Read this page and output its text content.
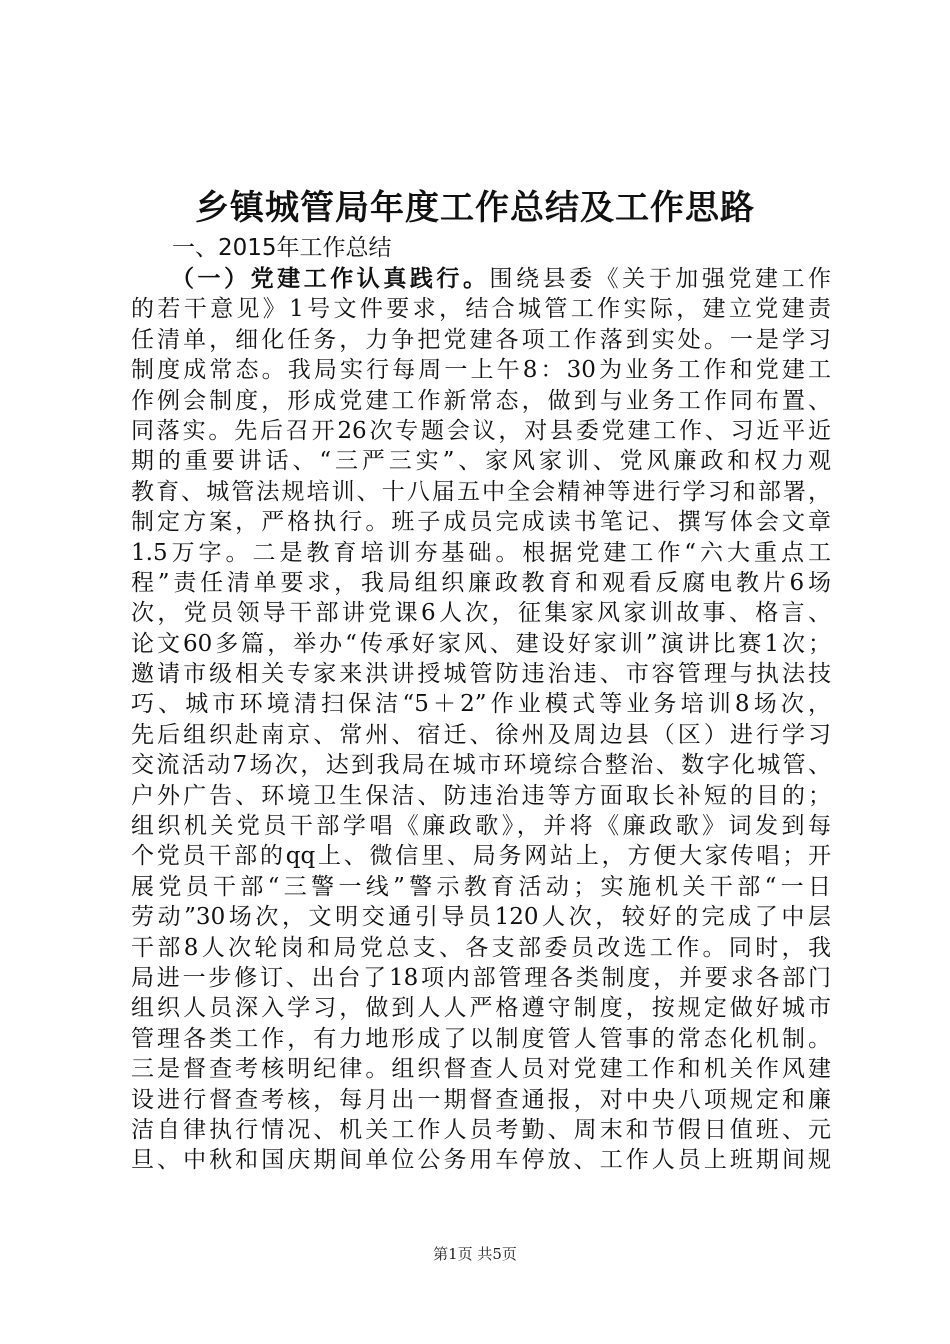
乡镇城管局年度工作总结及工作思路
一、2015年工作总结
（一）党建工作认真践行。围绕县委《关于加强党建工作
的若干意见》1号文件要求，结合城管工作实际，建立党建责
任清单，细化任务，力争把党建各项工作落到实处。一是学习
制度成常态。我局实行每周一上午8：30为业务工作和党建工
作例会制度，形成党建工作新常态，做到与业务工作同布置、
同落实。先后召开26次专题会议，对县委党建工作、习近平近
期的重要讲话、“三严三实”、家风家训、党风廉政和权力观
教育、城管法规培训、十八届五中全会精神等进行学习和部署，
制定方案，严格执行。班子成员完成读书笔记、撰写体会文章
1.5万字。二是教育培训夯基础。根据党建工作“六大重点工
程”责任清单要求，我局组织廉政教育和观看反腐电教片6场
次，党员领导干部讲党课6人次，征集家风家训故事、格言、
论文60多篇，举办“传承好家风、建设好家训”演讲比赛1次；
邀请市级相关专家来洪讲授城管防违治违、市容管理与执法技
巧、城市环境清扫保洁“5＋2”作业模式等业务培训8场次，
先后组织赴南京、常州、宿迁、徐州及周边县（区）进行学习
交流活动7场次，达到我局在城市环境综合整治、数字化城管、
户外广告、环境卫生保洁、防违治违等方面取长补短的目的；
组织机关党员干部学唱《廉政歌》，并将《廉政歌》词发到每
个党员干部的qq上、微信里、局务网站上，方便大家传唱；开
展党员干部“三警一线”警示教育活动；实施机关干部“一日
劳动”30场次，文明交通引导员120人次，较好的完成了中层
干部8人次轮岗和局党总支、各支部委员改选工作。同时，我
局进一步修订、出台了18项内部管理各类制度，并要求各部门
组织人员深入学习，做到人人严格遵守制度，按规定做好城市
管理各类工作，有力地形成了以制度管人管事的常态化机制。
三是督查考核明纪律。组织督查人员对党建工作和机关作风建
设进行督查考核，每月出一期督查通报，对中央八项规定和廉
洁自律执行情况、机关工作人员考勤、周末和节假日值班、元
旦、中秋和国庆期间单位公务用车停放、工作人员上班期间规
第1页 共5页
